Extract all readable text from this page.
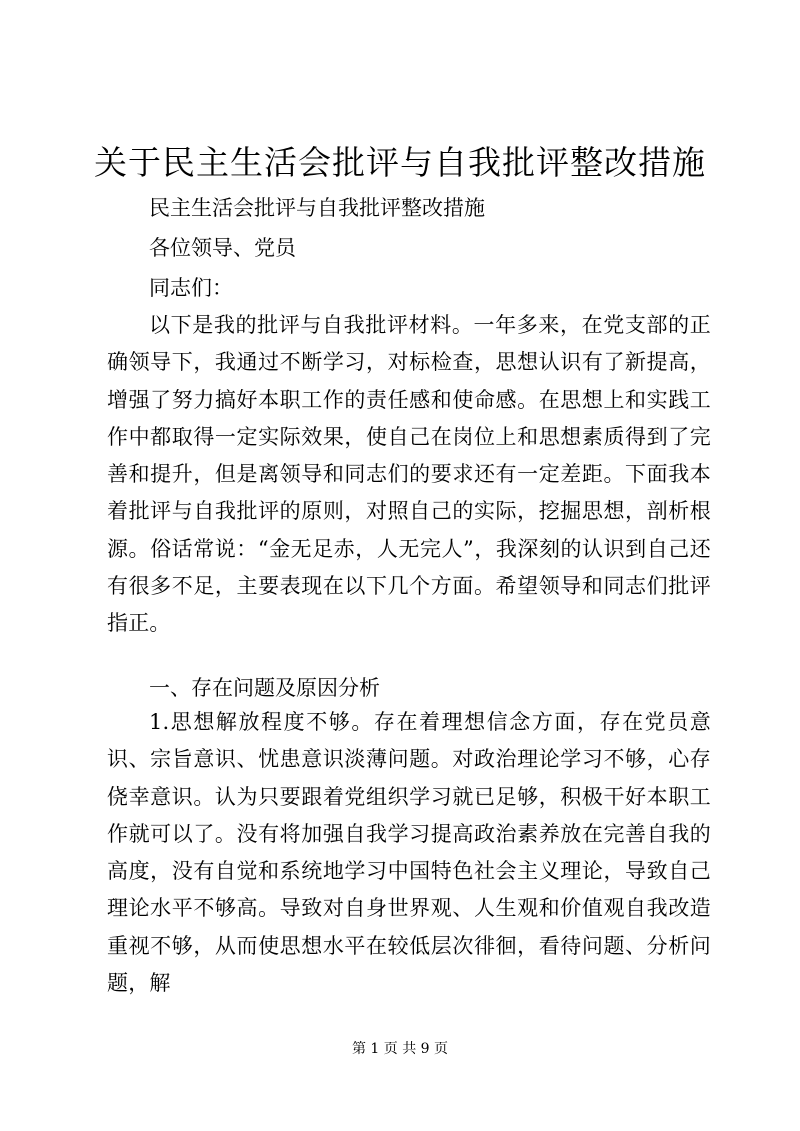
关于民主生活会批评与自我批评整改措施
民主生活会批评与自我批评整改措施
各位领导、党员
同志们：
以下是我的批评与自我批评材料。一年多来，在党支部的正确领导下，我通过不断学习，对标检查，思想认识有了新提高，增强了努力搞好本职工作的责任感和使命感。在思想上和实践工作中都取得一定实际效果，使自己在岗位上和思想素质得到了完善和提升，但是离领导和同志们的要求还有一定差距。下面我本着批评与自我批评的原则，对照自己的实际，挖掘思想，剖析根源。俗话常说：“金无足赤，人无完人”，我深刻的认识到自己还有很多不足，主要表现在以下几个方面。希望领导和同志们批评指正。
一、存在问题及原因分析
1.思想解放程度不够。存在着理想信念方面，存在党员意识、宗旨意识、忧患意识淡薄问题。对政治理论学习不够，心存侥幸意识。认为只要跟着党组织学习就已足够，积极干好本职工作就可以了。没有将加强自我学习提高政治素养放在完善自我的高度，没有自觉和系统地学习中国特色社会主义理论，导致自己理论水平不够高。导致对自身世界观、人生观和价值观自我改造重视不够，从而使思想水平在较低层次徘徊，看待问题、分析问题，解
第 1 页 共 9 页
